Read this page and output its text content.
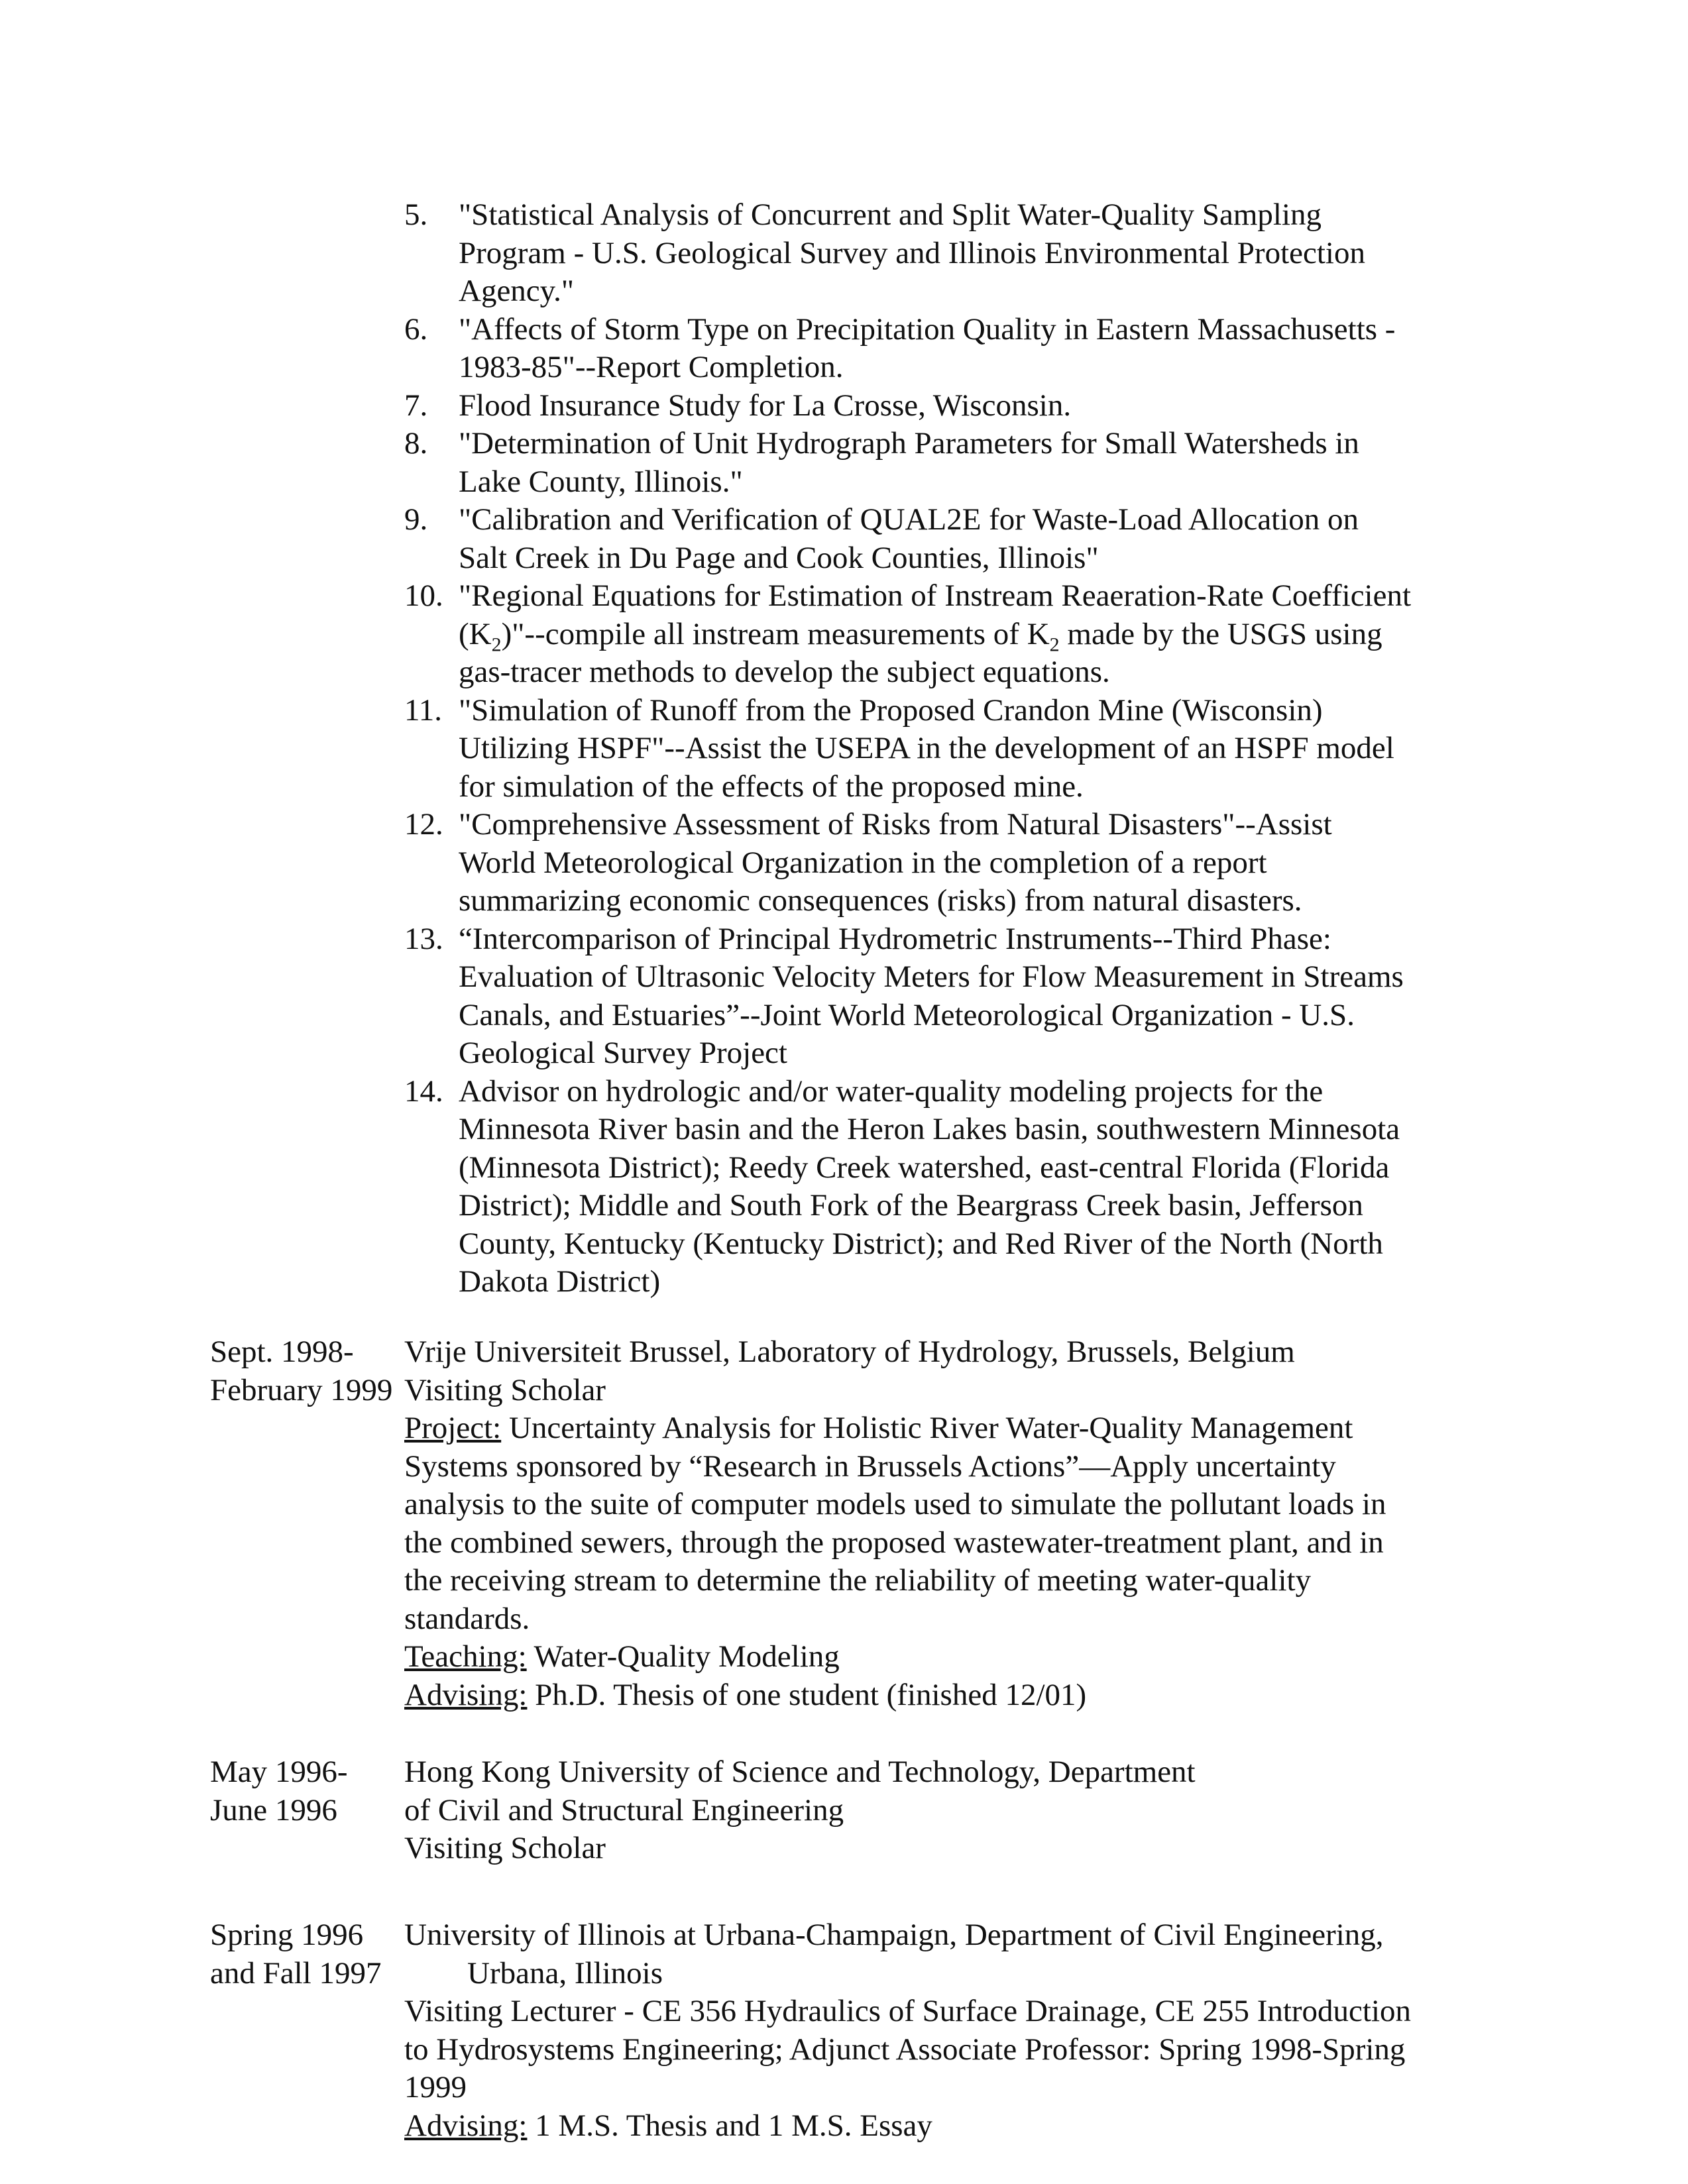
5. "Statistical Analysis of Concurrent and Split Water-Quality Sampling
Program - U.S. Geological Survey and Illinois Environmental Protection
Agency."
6. "Affects of Storm Type on Precipitation Quality in Eastern Massachusetts -
1983-85"--Report Completion.
7. Flood Insurance Study for La Crosse, Wisconsin.
8. "Determination of Unit Hydrograph Parameters for Small Watersheds in
Lake County, Illinois."
9. "Calibration and Verification of QUAL2E for Waste-Load Allocation on
Salt Creek in Du Page and Cook Counties, Illinois"
10. "Regional Equations for Estimation of Instream Reaeration-Rate Coefficient
$(K_2)"-$-compile all instream measurements of $K_2$ made by the USGS using
gas-tracer methods to develop the subject equations.
11. "Simulation of Runoff from the Proposed Crandon Mine (Wisconsin)
Utilizing HSPF"--Assist the USEPA in the development of an HSPF model
for simulation of the effects of the proposed mine.
12. "Comprehensive Assessment of Risks from Natural Disasters"--Assist
World Meteorological Organization in the completion of a report
summarizing economic consequences (risks) from natural disasters.
13. “Intercomparison of Principal Hydrometric Instruments--Third Phase:
Evaluation of Ultrasonic Velocity Meters for Flow Measurement in Streams
Canals, and Estuaries”--Joint World Meteorological Organization - U.S.
Geological Survey Project
14. Advisor on hydrologic and/or water-quality modeling projects for the
Minnesota River basin and the Heron Lakes basin, southwestern Minnesota
(Minnesota District); Reedy Creek watershed, east-central Florida (Florida
District); Middle and South Fork of the Beargrass Creek basin, Jefferson
County, Kentucky (Kentucky District); and Red River of the North (North
Dakota District)
Sept. 1998-
February 1999
Vrije Universiteit Brussel, Laboratory of Hydrology, Brussels, Belgium
Visiting Scholar
Project: Uncertainty Analysis for Holistic River Water-Quality Management
Systems sponsored by “Research in Brussels Actions”—Apply uncertainty
analysis to the suite of computer models used to simulate the pollutant loads in
the combined sewers, through the proposed wastewater-treatment plant, and in
the receiving stream to determine the reliability of meeting water-quality
standards.
Teaching: Water-Quality Modeling
Advising: Ph.D. Thesis of one student (finished 12/01)
May 1996-
June 1996
Hong Kong University of Science and Technology, Department
of Civil and Structural Engineering
Visiting Scholar
Spring 1996
and Fall 1997
University of Illinois at Urbana-Champaign, Department of Civil Engineering,
Urbana, Illinois
Visiting Lecturer - CE 356 Hydraulics of Surface Drainage, CE 255 Introduction
to Hydrosystems Engineering; Adjunct Associate Professor: Spring 1998-Spring
1999
Advising: 1 M.S. Thesis and 1 M.S. Essay
